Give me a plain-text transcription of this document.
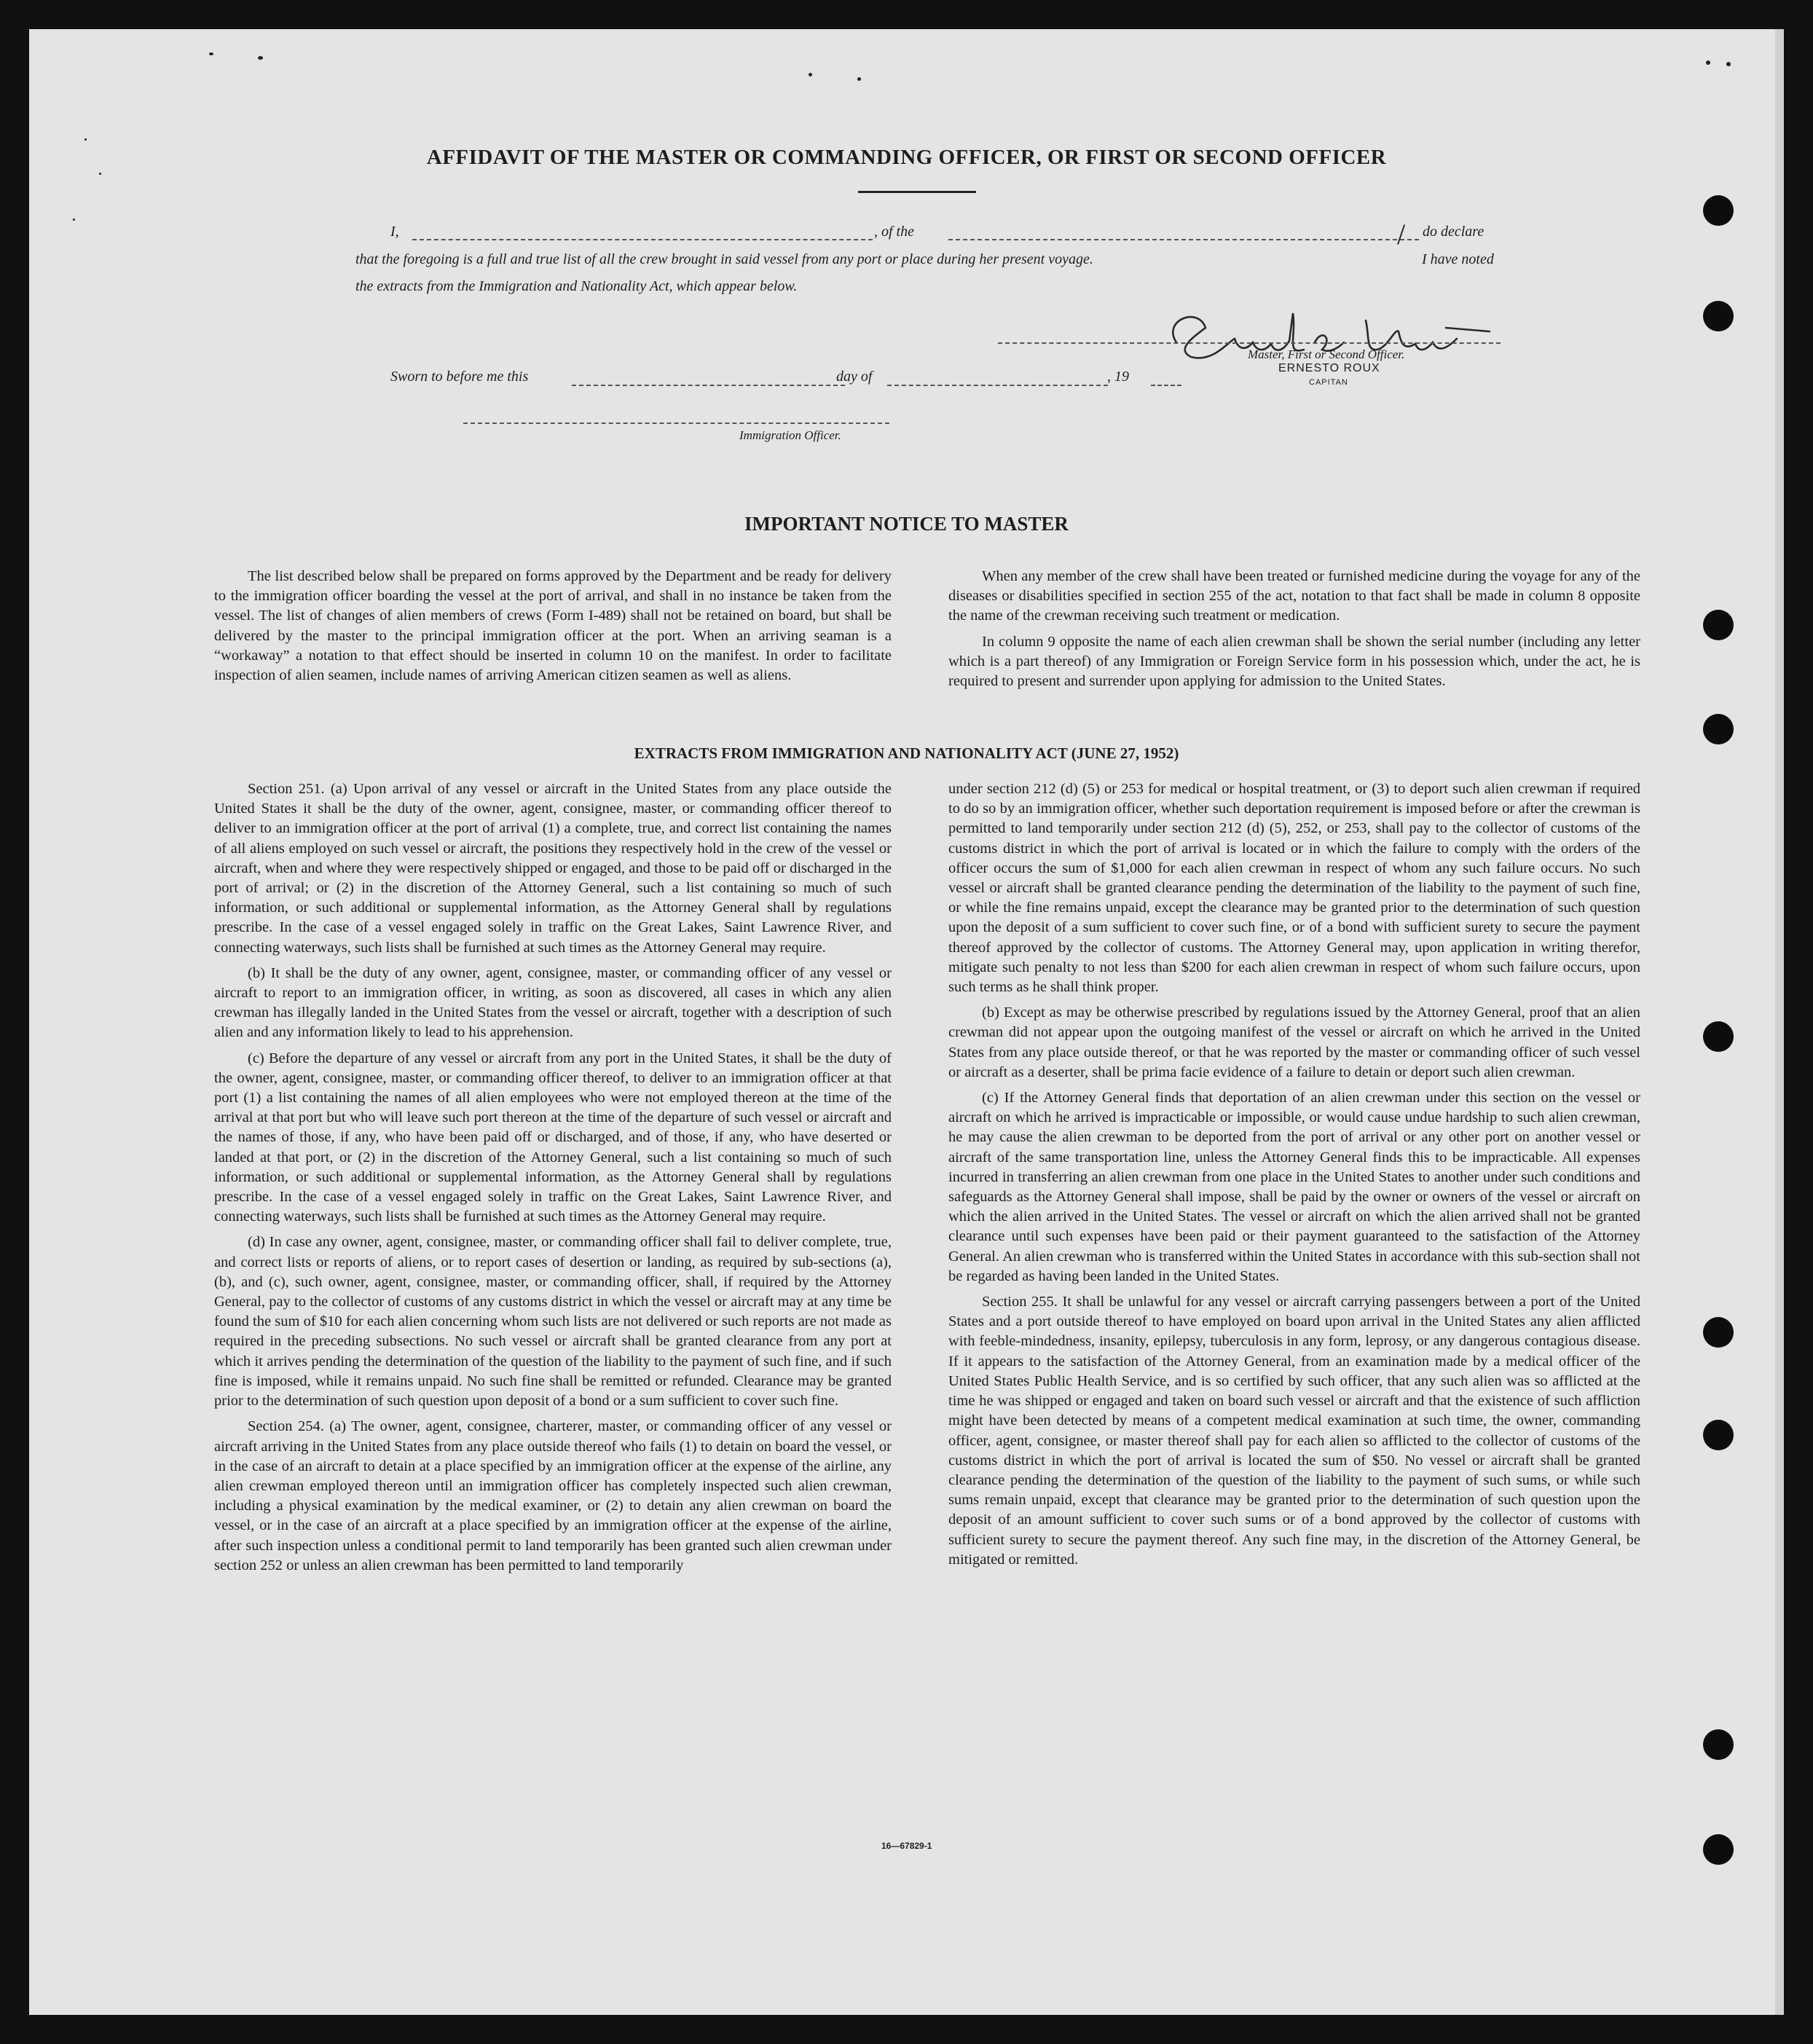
AFFIDAVIT OF THE MASTER OR COMMANDING OFFICER, OR FIRST OR SECOND OFFICER
I,	, of the	/ do declare
that the foregoing is a full and true list of all the crew brought in said vessel from any port or place during her present voyage.	I have noted
the extracts from the Immigration and Nationality Act, which appear below.
Master, First or Second Officer.
ERNESTO ROUX
CAPITAN
Sworn to before me this	day of	, 19
Immigration Officer.
IMPORTANT NOTICE TO MASTER

The list described below shall be prepared on forms approved by the Department and be ready for delivery to the immigration officer boarding the vessel at the port of arrival, and shall in no instance be taken from the vessel. The list of changes of alien members of crews (Form I-489) shall not be retained on board, but shall be delivered by the master to the principal immigration officer at the port. When an arriving seaman is a “workaway” a notation to that effect should be inserted in column 10 on the manifest. In order to facilitate inspection of alien seamen, include names of arriving American citizen seamen as well as aliens.

When any member of the crew shall have been treated or furnished medicine during the voyage for any of the diseases or disabilities specified in section 255 of the act, notation to that fact shall be made in column 8 opposite the name of the crewman receiving such treatment or medication.

In column 9 opposite the name of each alien crewman shall be shown the serial number (including any letter which is a part thereof) of any Immigration or Foreign Service form in his possession which, under the act, he is required to present and surrender upon applying for admission to the United States.

EXTRACTS FROM IMMIGRATION AND NATIONALITY ACT (JUNE 27, 1952)

Section 251. (a) Upon arrival of any vessel or aircraft in the United States from any place outside the United States it shall be the duty of the owner, agent, consignee, master, or commanding officer thereof to deliver to an immigration officer at the port of arrival (1) a complete, true, and correct list containing the names of all aliens employed on such vessel or aircraft, the positions they respectively hold in the crew of the vessel or aircraft, when and where they were respectively shipped or engaged, and those to be paid off or discharged in the port of arrival; or (2) in the discretion of the Attorney General, such a list containing so much of such information, or such additional or supplemental information, as the Attorney General shall by regulations prescribe. In the case of a vessel engaged solely in traffic on the Great Lakes, Saint Lawrence River, and connecting waterways, such lists shall be furnished at such times as the Attorney General may require.

(b) It shall be the duty of any owner, agent, consignee, master, or commanding officer of any vessel or aircraft to report to an immigration officer, in writing, as soon as discovered, all cases in which any alien crewman has illegally landed in the United States from the vessel or aircraft, together with a description of such alien and any information likely to lead to his apprehension.

(c) Before the departure of any vessel or aircraft from any port in the United States, it shall be the duty of the owner, agent, consignee, master, or commanding officer thereof, to deliver to an immigration officer at that port (1) a list containing the names of all alien employees who were not employed thereon at the time of the arrival at that port but who will leave such port thereon at the time of the departure of such vessel or aircraft and the names of those, if any, who have been paid off or discharged, and of those, if any, who have deserted or landed at that port, or (2) in the discretion of the Attorney General, such a list containing so much of such information, or such additional or supplemental information, as the Attorney General shall by regulations prescribe. In the case of a vessel engaged solely in traffic on the Great Lakes, Saint Lawrence River, and connecting waterways, such lists shall be furnished at such times as the Attorney General may require.

(d) In case any owner, agent, consignee, master, or commanding officer shall fail to deliver complete, true, and correct lists or reports of aliens, or to report cases of desertion or landing, as required by sub-sections (a), (b), and (c), such owner, agent, consignee, master, or commanding officer, shall, if required by the Attorney General, pay to the collector of customs of any customs district in which the vessel or aircraft may at any time be found the sum of $10 for each alien concerning whom such lists are not delivered or such reports are not made as required in the preceding subsections. No such vessel or aircraft shall be granted clearance from any port at which it arrives pending the determination of the question of the liability to the payment of such fine, and if such fine is imposed, while it remains unpaid. No such fine shall be remitted or refunded. Clearance may be granted prior to the determination of such question upon deposit of a bond or a sum sufficient to cover such fine.

Section 254. (a) The owner, agent, consignee, charterer, master, or commanding officer of any vessel or aircraft arriving in the United States from any place outside thereof who fails (1) to detain on board the vessel, or in the case of an aircraft to detain at a place specified by an immigration officer at the expense of the airline, any alien crewman employed thereon until an immigration officer has completely inspected such alien crewman, including a physical examination by the medical examiner, or (2) to detain any alien crewman on board the vessel, or in the case of an aircraft at a place specified by an immigration officer at the expense of the airline, after such inspection unless a conditional permit to land temporarily has been granted such alien crewman under section 252 or unless an alien crewman has been permitted to land temporarily

under section 212 (d) (5) or 253 for medical or hospital treatment, or (3) to deport such alien crewman if required to do so by an immigration officer, whether such deportation requirement is imposed before or after the crewman is permitted to land temporarily under section 212 (d) (5), 252, or 253, shall pay to the collector of customs of the customs district in which the port of arrival is located or in which the failure to comply with the orders of the officer occurs the sum of $1,000 for each alien crewman in respect of whom any such failure occurs. No such vessel or aircraft shall be granted clearance pending the determination of the liability to the payment of such fine, or while the fine remains unpaid, except the clearance may be granted prior to the determination of such question upon the deposit of a sum sufficient to cover such fine, or of a bond with sufficient surety to secure the payment thereof approved by the collector of customs. The Attorney General may, upon application in writing therefor, mitigate such penalty to not less than $200 for each alien crewman in respect of whom such failure occurs, upon such terms as he shall think proper.

(b) Except as may be otherwise prescribed by regulations issued by the Attorney General, proof that an alien crewman did not appear upon the outgoing manifest of the vessel or aircraft on which he arrived in the United States from any place outside thereof, or that he was reported by the master or commanding officer of such vessel or aircraft as a deserter, shall be prima facie evidence of a failure to detain or deport such alien crewman.

(c) If the Attorney General finds that deportation of an alien crewman under this section on the vessel or aircraft on which he arrived is impracticable or impossible, or would cause undue hardship to such alien crewman, he may cause the alien crewman to be deported from the port of arrival or any other port on another vessel or aircraft of the same transportation line, unless the Attorney General finds this to be impracticable. All expenses incurred in transferring an alien crewman from one place in the United States to another under such conditions and safeguards as the Attorney General shall impose, shall be paid by the owner or owners of the vessel or aircraft on which the alien arrived in the United States. The vessel or aircraft on which the alien arrived shall not be granted clearance until such expenses have been paid or their payment guaranteed to the satisfaction of the Attorney General. An alien crewman who is transferred within the United States in accordance with this sub-section shall not be regarded as having been landed in the United States.

Section 255. It shall be unlawful for any vessel or aircraft carrying passengers between a port of the United States and a port outside thereof to have employed on board upon arrival in the United States any alien afflicted with feeble-mindedness, insanity, epilepsy, tuberculosis in any form, leprosy, or any dangerous contagious disease. If it appears to the satisfaction of the Attorney General, from an examination made by a medical officer of the United States Public Health Service, and is so certified by such officer, that any such alien was so afflicted at the time he was shipped or engaged and taken on board such vessel or aircraft and that the existence of such affliction might have been detected by means of a competent medical examination at such time, the owner, commanding officer, agent, consignee, or master thereof shall pay for each alien so afflicted to the collector of customs of the customs district in which the port of arrival is located the sum of $50. No vessel or aircraft shall be granted clearance pending the determination of the question of the liability to the payment of such sums, or while such sums remain unpaid, except that clearance may be granted prior to the determination of such question upon the deposit of an amount sufficient to cover such sums or of a bond approved by the collector of customs with sufficient surety to secure the payment thereof. Any such fine may, in the discretion of the Attorney General, be mitigated or remitted.

16—67829-1
